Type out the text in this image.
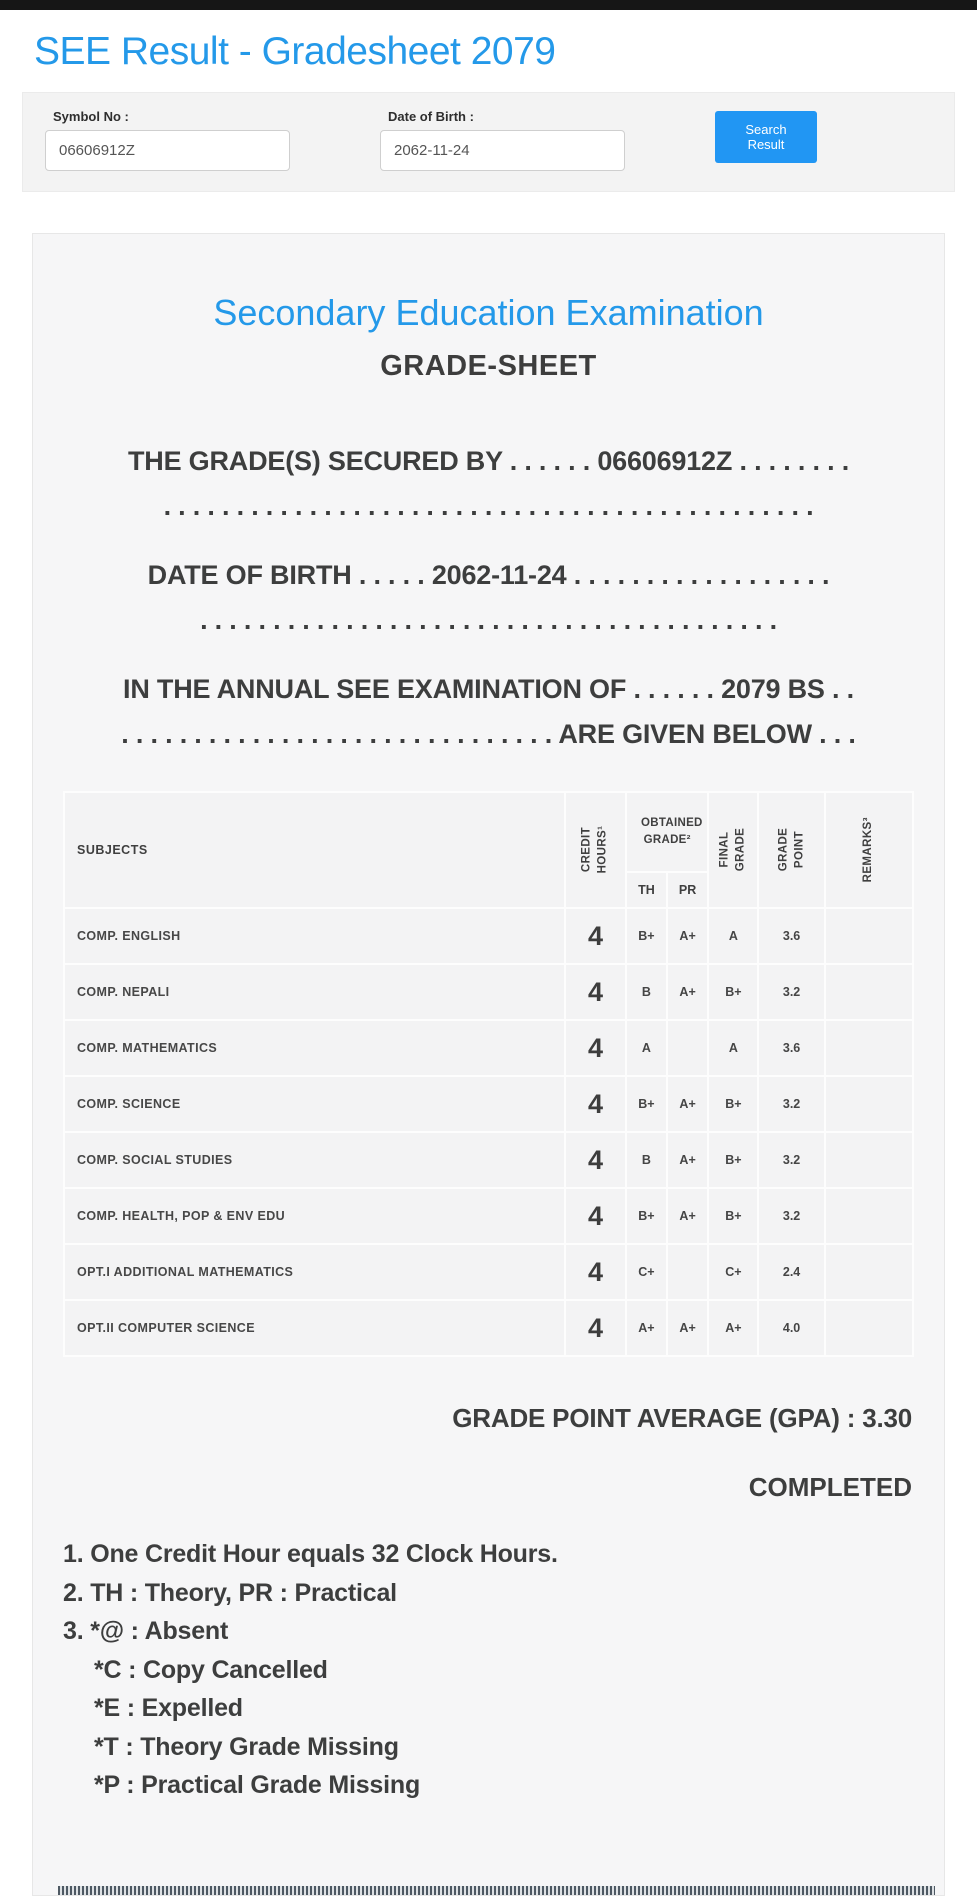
SEE Result - Gradesheet 2079
Symbol No :
06606912Z	Date of Birth :
2062-11-24
Search Result
Secondary Education Examination
GRADE-SHEET
THE GRADE(S) SECURED BY . . . . . . 06606912Z . . . . . . . .
. . . . . . . . . . . . . . . . . . . . . . . . . . . . . . . . . . . . . . . . . . . . .
DATE OF BIRTH . . . . . 2062-11-24 . . . . . . . . . . . . . . . . . .
. . . . . . . . . . . . . . . . . . . . . . . . . . . . . . . . . . . . . . . .
IN THE ANNUAL SEE EXAMINATION OF . . . . . . 2079 BS . .
. . . . . . . . . . . . . . . . . . . . . . . . . . . . . . ARE GIVEN BELOW . . .
SUBJECTS	CREDIT HOURS¹	OBTAINED GRADE²		FINAL GRADE	GRADE POINT	REMARKS³

		TH	PR			
COMP. ENGLISH	4	B+	A+	A	3.6	
COMP. NEPALI	4	B	A+	B+	3.2	
COMP. MATHEMATICS	4	A		A	3.6	
COMP. SCIENCE	4	B+	A+	B+	3.2	
COMP. SOCIAL STUDIES	4	B	A+	B+	3.2	
COMP. HEALTH, POP & ENV EDU	4	B+	A+	B+	3.2	
OPT.I ADDITIONAL MATHEMATICS	4	C+		C+	2.4	
OPT.II COMPUTER SCIENCE	4	A+	A+	A+	4.0	
GRADE POINT AVERAGE (GPA) : 3.30
COMPLETED
1. One Credit Hour equals 32 Clock Hours.
2. TH : Theory, PR : Practical
3. *@ : Absent
*C : Copy Cancelled
*E : Expelled
*T : Theory Grade Missing
*P : Practical Grade Missing
